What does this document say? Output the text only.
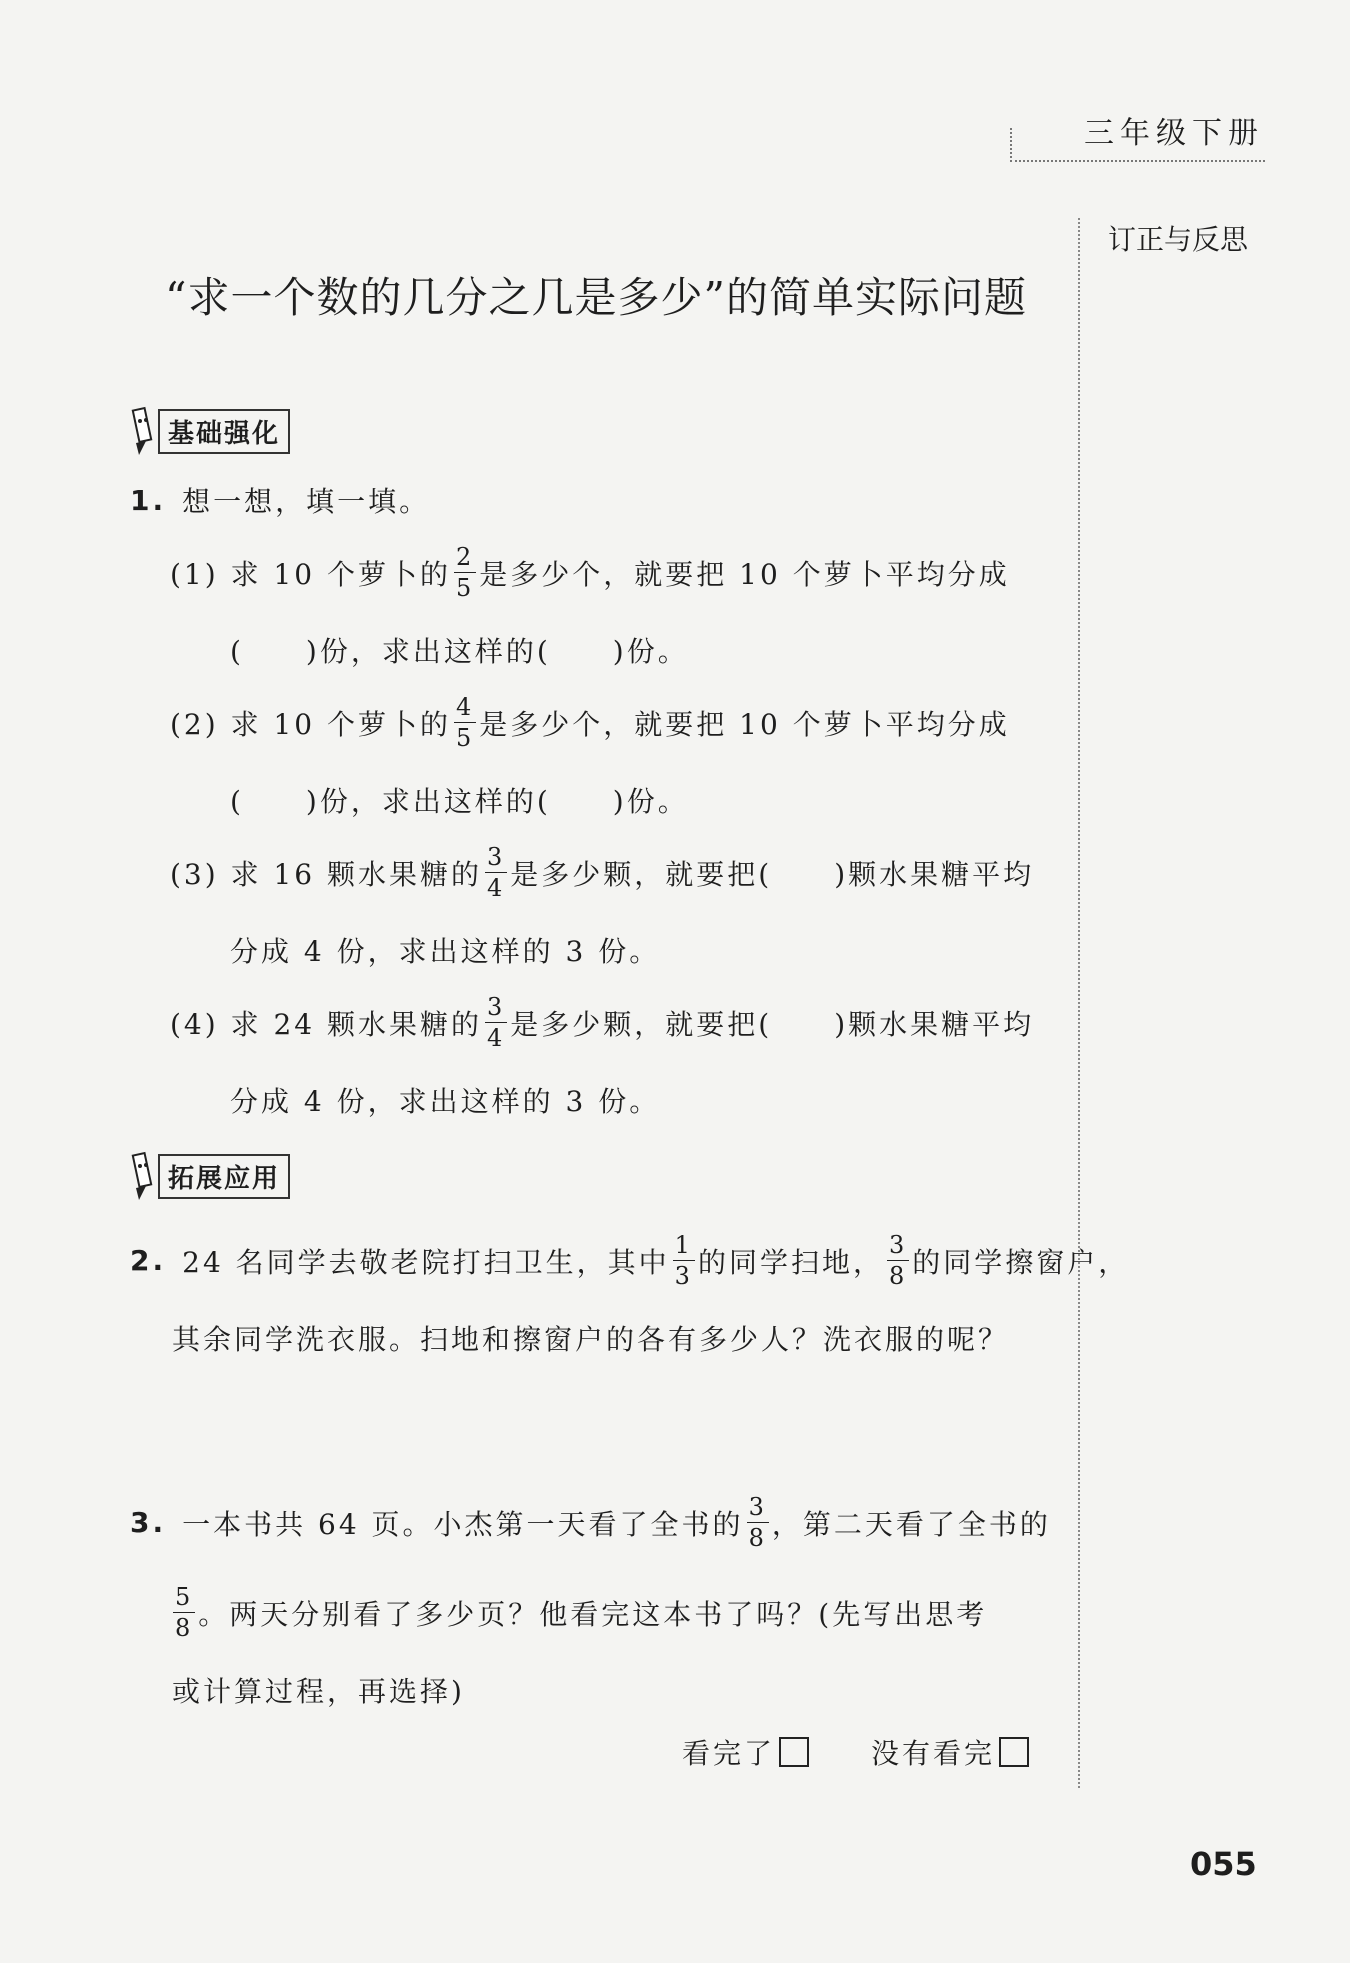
三年级下册
订正与反思
“求一个数的几分之几是多少”的简单实际问题
基础强化
1. 想一想，填一填。
(1) 求 10 个萝卜的 $\frac{2}{5}$ 是多少个，就要把 10 个萝卜平均分成
(　　)份，求出这样的(　　)份。
(2) 求 10 个萝卜的 $\frac{4}{5}$ 是多少个，就要把 10 个萝卜平均分成
(　　)份，求出这样的(　　)份。
(3) 求 16 颗水果糖的 $\frac{3}{4}$ 是多少颗，就要把(　　)颗水果糖平均
分成 4 份，求出这样的 3 份。
(4) 求 24 颗水果糖的 $\frac{3}{4}$ 是多少颗，就要把(　　)颗水果糖平均
分成 4 份，求出这样的 3 份。
拓展应用
2. 24 名同学去敬老院打扫卫生，其中 $\frac{1}{3}$ 的同学扫地， $\frac{3}{8}$ 的同学擦窗户，
其余同学洗衣服。扫地和擦窗户的各有多少人？洗衣服的呢？
3. 一本书共 64 页。小杰第一天看了全书的 $\frac{3}{8}$ ，第二天看了全书的
$\frac{5}{8}$ 。两天分别看了多少页？他看完这本书了吗？(先写出思考
或计算过程，再选择)
看完了	没有看完
055
